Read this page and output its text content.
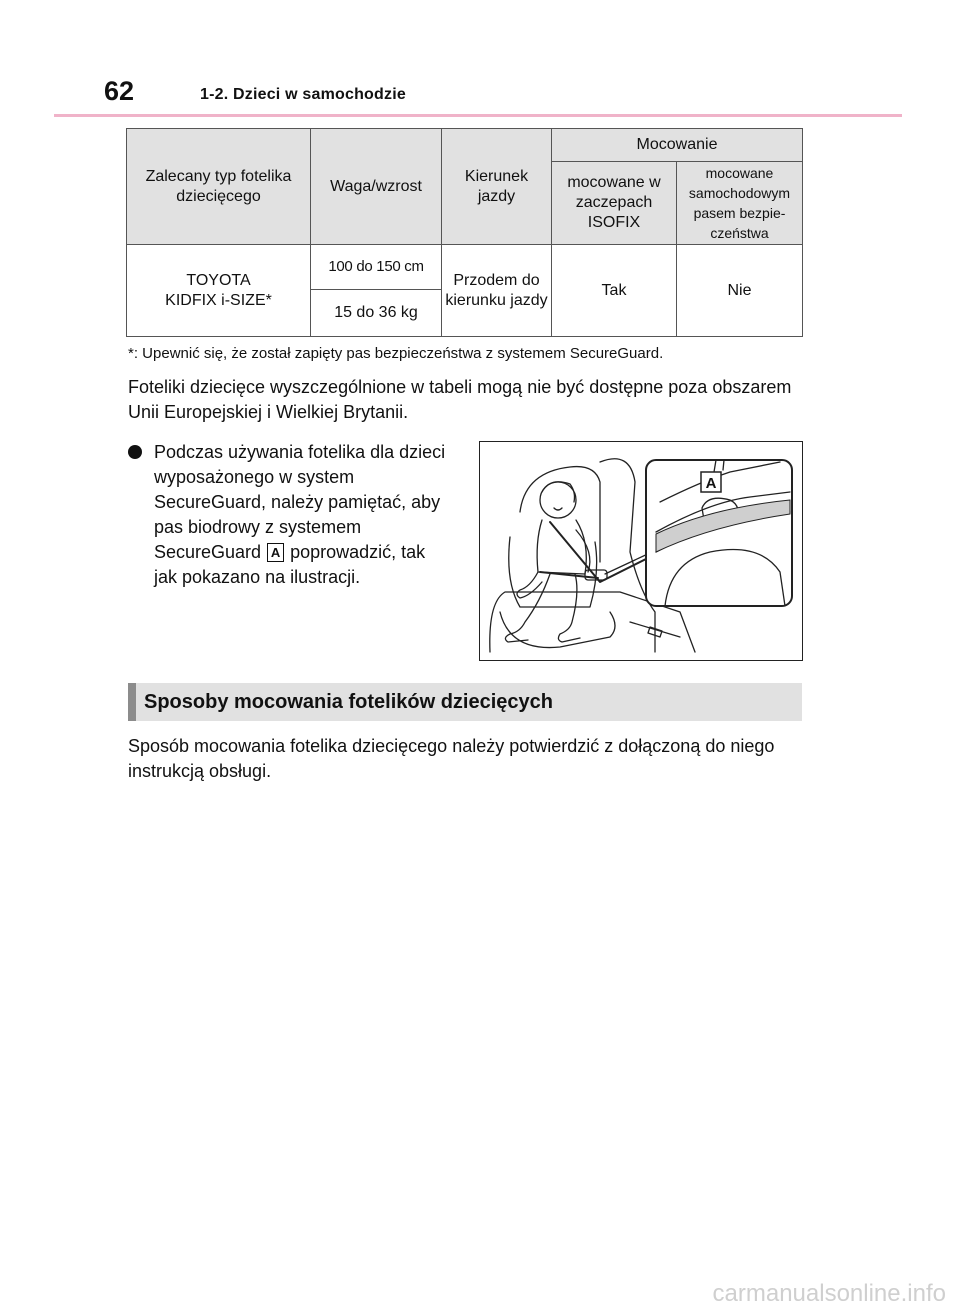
62	1-2. Dzieci w samochodzie
Zalecany typ fotelika dziecięcego	Waga/wzrost	Kierunek jazdy	Mocowanie	
			mocowane w zaczepach ISOFIX	mocowane samochodowym pasem bezpie-czeństwa
TOYOTA
KIDFIX i-SIZE*	100 do 150 cm	Przodem do kierunku jazdy	Tak	Nie
	15 do 36 kg			
*: Upewnić się, że został zapięty pas bezpieczeństwa z systemem SecureGuard.
Foteliki dziecięce wyszczególnione w tabeli mogą nie być dostępne poza obszarem Unii Europejskiej i Wielkiej Brytanii.
Podczas używania fotelika dla dzieci wyposażonego w system SecureGuard, należy pamiętać, aby pas biodrowy z systemem SecureGuard A poprowadzić, tak jak pokazano na ilustracji.
A
Sposoby mocowania fotelików dziecięcych
Sposób mocowania fotelika dziecięcego należy potwierdzić z dołączoną do niego instrukcją obsługi.
carmanualsonline.info
